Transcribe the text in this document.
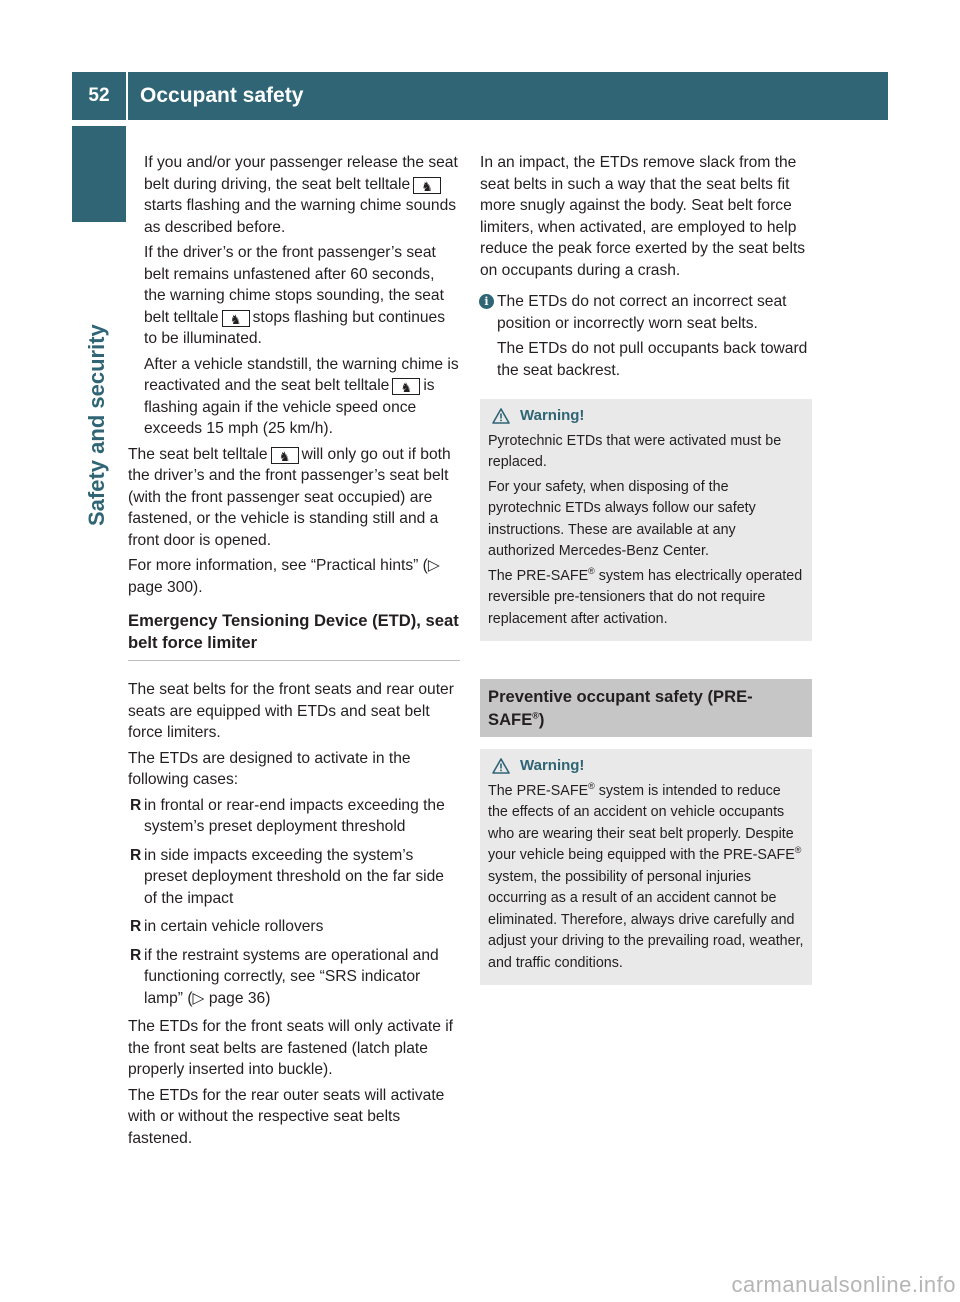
52	Occupant safety
Safety and security

If you and/or your passenger release the seat belt during driving, the seat belt telltale ♞starts flashing and the warning chime sounds as described before.

If the driver’s or the front passenger’s seat belt remains unfastened after 60 seconds, the warning chime stops sounding, the seat belt telltale ♞ stops flashing but continues to be illuminated.

After a vehicle standstill, the warning chime is reactivated and the seat belt telltale ♞ is flashing again if the vehicle speed once exceeds 15 mph (25 km/h).

The seat belt telltale ♞ will only go out if both the driver’s and the front passenger’s seat belt (with the front passenger seat occupied) are fastened, or the vehicle is standing still and a front door is opened.

For more information, see “Practical hints” (▷ page 300).

Emergency Tensioning Device (ETD), seat belt force limiter

The seat belts for the front seats and rear outer seats are equipped with ETDs and seat belt force limiters.

The ETDs are designed to activate in the following cases:

R in frontal or rear-end impacts exceeding the system’s preset deployment threshold
R in side impacts exceeding the system’s preset deployment threshold on the far side of the impact
R in certain vehicle rollovers
R if the restraint systems are operational and functioning correctly, see “SRS indicator lamp” (▷ page 36)

The ETDs for the front seats will only activate if the front seat belts are fastened (latch plate properly inserted into buckle).

The ETDs for the rear outer seats will activate with or without the respective seat belts fastened.

In an impact, the ETDs remove slack from the seat belts in such a way that the seat belts fit more snugly against the body. Seat belt force limiters, when activated, are employed to help reduce the peak force exerted by the seat belts on occupants during a crash.

i The ETDs do not correct an incorrect seat position or incorrectly worn seat belts.

The ETDs do not pull occupants back toward the seat backrest.

Warning!

Pyrotechnic ETDs that were activated must be replaced.

For your safety, when disposing of the pyrotechnic ETDs always follow our safety instructions. These are available at any authorized Mercedes-Benz Center.

The PRE-SAFE® system has electrically operated reversible pre-tensioners that do not require replacement after activation.

Preventive occupant safety (PRE-SAFE®)
Warning!

The PRE-SAFE® system is intended to reduce the effects of an accident on vehicle occupants who are wearing their seat belt properly. Despite your vehicle being equipped with the PRE-SAFE® system, the possibility of personal injuries occurring as a result of an accident cannot be eliminated. Therefore, always drive carefully and adjust your driving to the prevailing road, weather, and traffic conditions.

carmanualsonline.info
